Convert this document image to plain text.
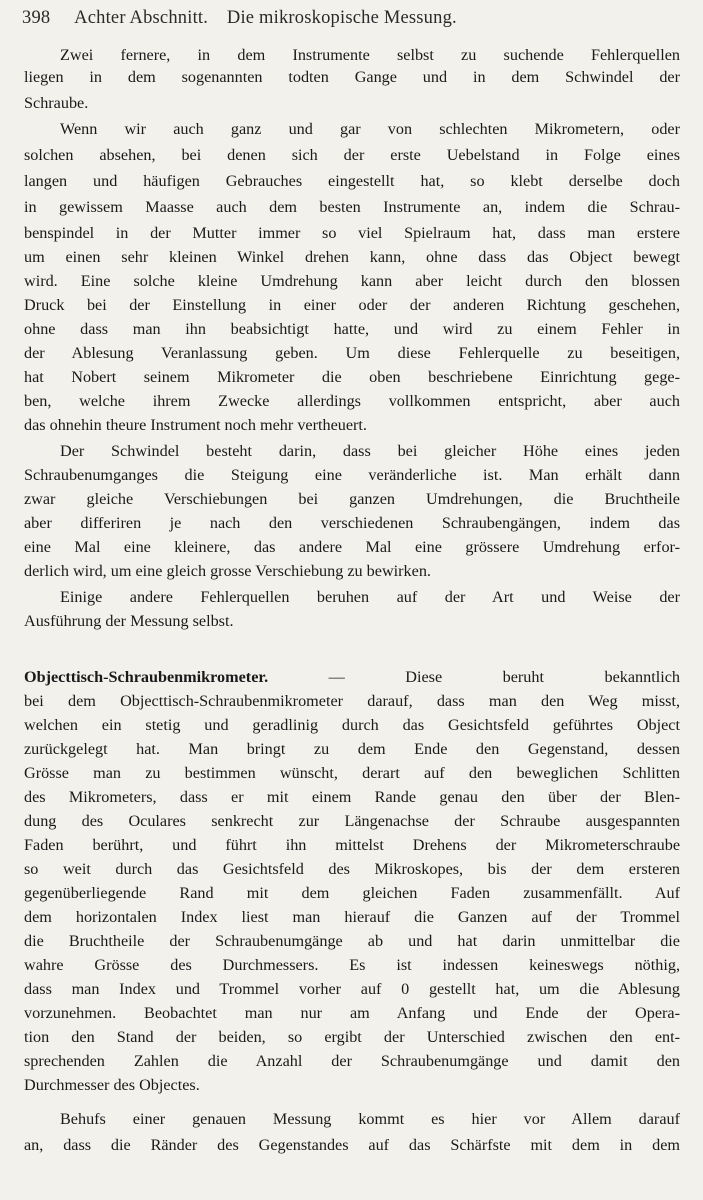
398 Achter Abschnitt. Die mikroskopische Messung.
Zwei fernere, in dem Instrumente selbst zu suchende Fehlerquellen
liegen in dem sogenannten todten Gange und in dem Schwindel der
Schraube.
Wenn wir auch ganz und gar von schlechten Mikrometern, oder
solchen absehen, bei denen sich der erste Uebelstand in Folge eines
langen und häufigen Gebrauches eingestellt hat, so klebt derselbe doch
in gewissem Maasse auch dem besten Instrumente an, indem die Schrau-
benspindel in der Mutter immer so viel Spielraum hat, dass man erstere
um einen sehr kleinen Winkel drehen kann, ohne dass das Object bewegt
wird. Eine solche kleine Umdrehung kann aber leicht durch den blossen
Druck bei der Einstellung in einer oder der anderen Richtung geschehen,
ohne dass man ihn beabsichtigt hatte, und wird zu einem Fehler in
der Ablesung Veranlassung geben. Um diese Fehlerquelle zu beseitigen,
hat Nobert seinem Mikrometer die oben beschriebene Einrichtung gege-
ben, welche ihrem Zwecke allerdings vollkommen entspricht, aber auch
das ohnehin theure Instrument noch mehr vertheuert.
Der Schwindel besteht darin, dass bei gleicher Höhe eines jeden
Schraubenumganges die Steigung eine veränderliche ist. Man erhält dann
zwar gleiche Verschiebungen bei ganzen Umdrehungen, die Bruchtheile
aber differiren je nach den verschiedenen Schraubengängen, indem das
eine Mal eine kleinere, das andere Mal eine grössere Umdrehung erfor-
derlich wird, um eine gleich grosse Verschiebung zu bewirken.
Einige andere Fehlerquellen beruhen auf der Art und Weise der
Ausführung der Messung selbst.
Objecttisch-Schraubenmikrometer. — Diese beruht bekanntlich
bei dem Objecttisch-Schraubenmikrometer darauf, dass man den Weg misst,
welchen ein stetig und geradlinig durch das Gesichtsfeld geführtes Object
zurückgelegt hat. Man bringt zu dem Ende den Gegenstand, dessen
Grösse man zu bestimmen wünscht, derart auf den beweglichen Schlitten
des Mikrometers, dass er mit einem Rande genau den über der Blen-
dung des Oculares senkrecht zur Längenachse der Schraube ausgespannten
Faden berührt, und führt ihn mittelst Drehens der Mikrometerschraube
so weit durch das Gesichtsfeld des Mikroskopes, bis der dem ersteren
gegenüberliegende Rand mit dem gleichen Faden zusammenfällt. Auf
dem horizontalen Index liest man hierauf die Ganzen auf der Trommel
die Bruchtheile der Schraubenumgänge ab und hat darin unmittelbar die
wahre Grösse des Durchmessers. Es ist indessen keineswegs nöthig,
dass man Index und Trommel vorher auf 0 gestellt hat, um die Ablesung
vorzunehmen. Beobachtet man nur am Anfang und Ende der Opera-
tion den Stand der beiden, so ergibt der Unterschied zwischen den ent-
sprechenden Zahlen die Anzahl der Schraubenumgänge und damit den
Durchmesser des Objectes.
Behufs einer genauen Messung kommt es hier vor Allem darauf
an, dass die Ränder des Gegenstandes auf das Schärfste mit dem in dem
